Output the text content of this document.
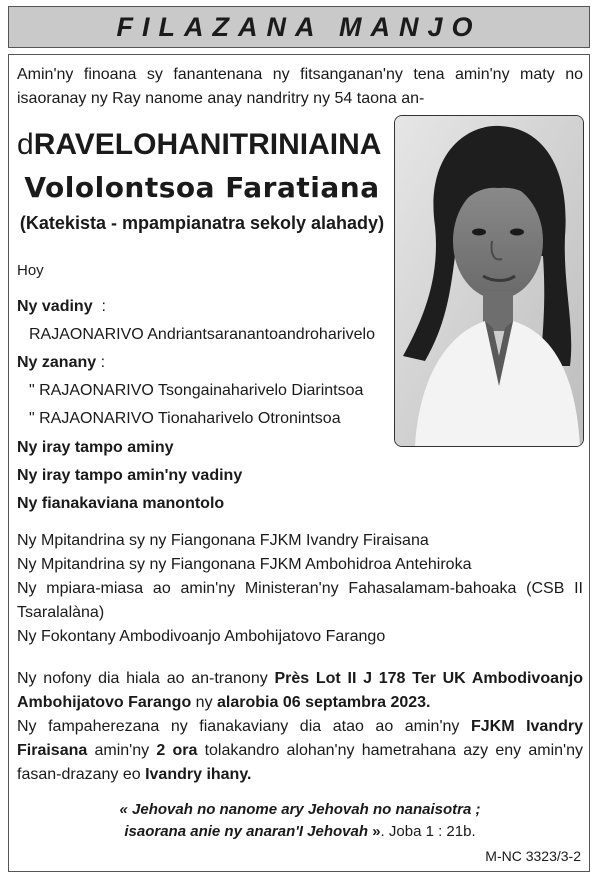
FILAZANA MANJO

Amin'ny finoana sy fanantenana ny fitsanganan'ny tena amin'ny maty no isaoranay ny Ray nanome anay nandritry ny 54 taona an-

dRAVELOHANITRINIAINA
Vololontsoa Faratiana
(Katekista - mpampianatra sekoly alahady)
Hoy
Ny vadiny :
RAJAONARIVO Andriantsaranantoandroharivelo
Ny zanany :
" RAJAONARIVO Tsongainaharivelo Diarintsoa
" RAJAONARIVO Tionaharivelo Otronintsoa
Ny iray tampo aminy
Ny iray tampo amin'ny vadiny
Ny fianakaviana manontolo
Ny Mpitandrina sy ny Fiangonana FJKM Ivandry Firaisana
Ny Mpitandrina sy ny Fiangonana FJKM Ambohidroa Antehiroka
Ny mpiara-miasa ao amin'ny Ministeran'ny Fahasalamam-bahoaka (CSB II Tsaralalàna)
Ny Fokontany Ambodivoanjo Ambohijatovo Farango
Ny nofony dia hiala ao an-tranony Près Lot II J 178 Ter UK Ambodivoanjo Ambohijatovo Farango ny alarobia 06 septambra 2023.
Ny fampaherezana ny fianakaviany dia atao ao amin'ny FJKM Ivandry Firaisana amin'ny 2 ora tolakandro alohan'ny hametrahana azy eny amin'ny fasan-drazany eo Ivandry ihany.
« Jehovah no nanome ary Jehovah no nanaisotra ;
isaorana anie ny anaran'I Jehovah ». Joba 1 : 21b.
M-NC 3323/3-2
